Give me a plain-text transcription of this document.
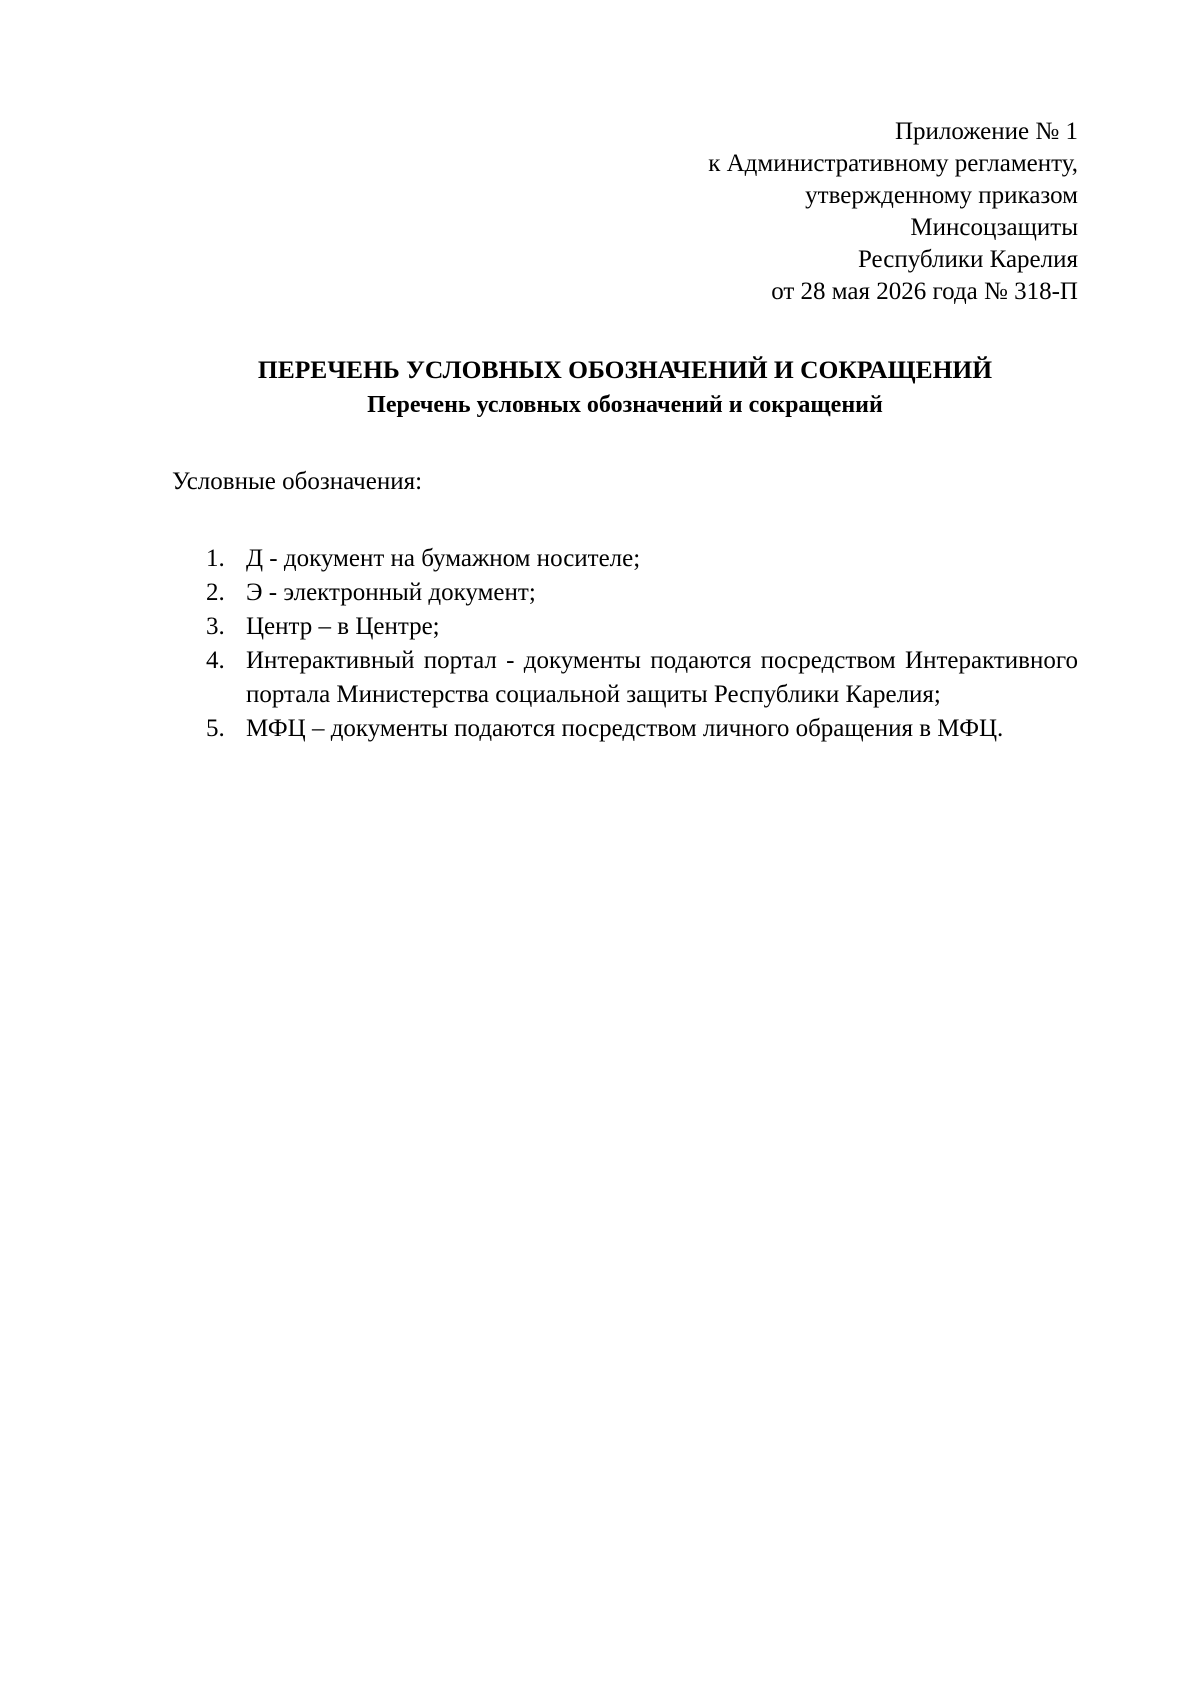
Приложение № 1
к Административному регламенту,
утвержденному приказом
Минсоцзащиты
Республики Карелия
от 28 мая 2026 года № 318-П
ПЕРЕЧЕНЬ УСЛОВНЫХ ОБОЗНАЧЕНИЙ И СОКРАЩЕНИЙ
Перечень условных обозначений и сокращений
Условные обозначения:
1. Д - документ на бумажном носителе;
2. Э - электронный документ;
3. Центр – в Центре;
4. Интерактивный портал - документы подаются посредством Интерактивного портала Министерства социальной защиты Республики Карелия;
5. МФЦ – документы подаются посредством личного обращения в МФЦ.
